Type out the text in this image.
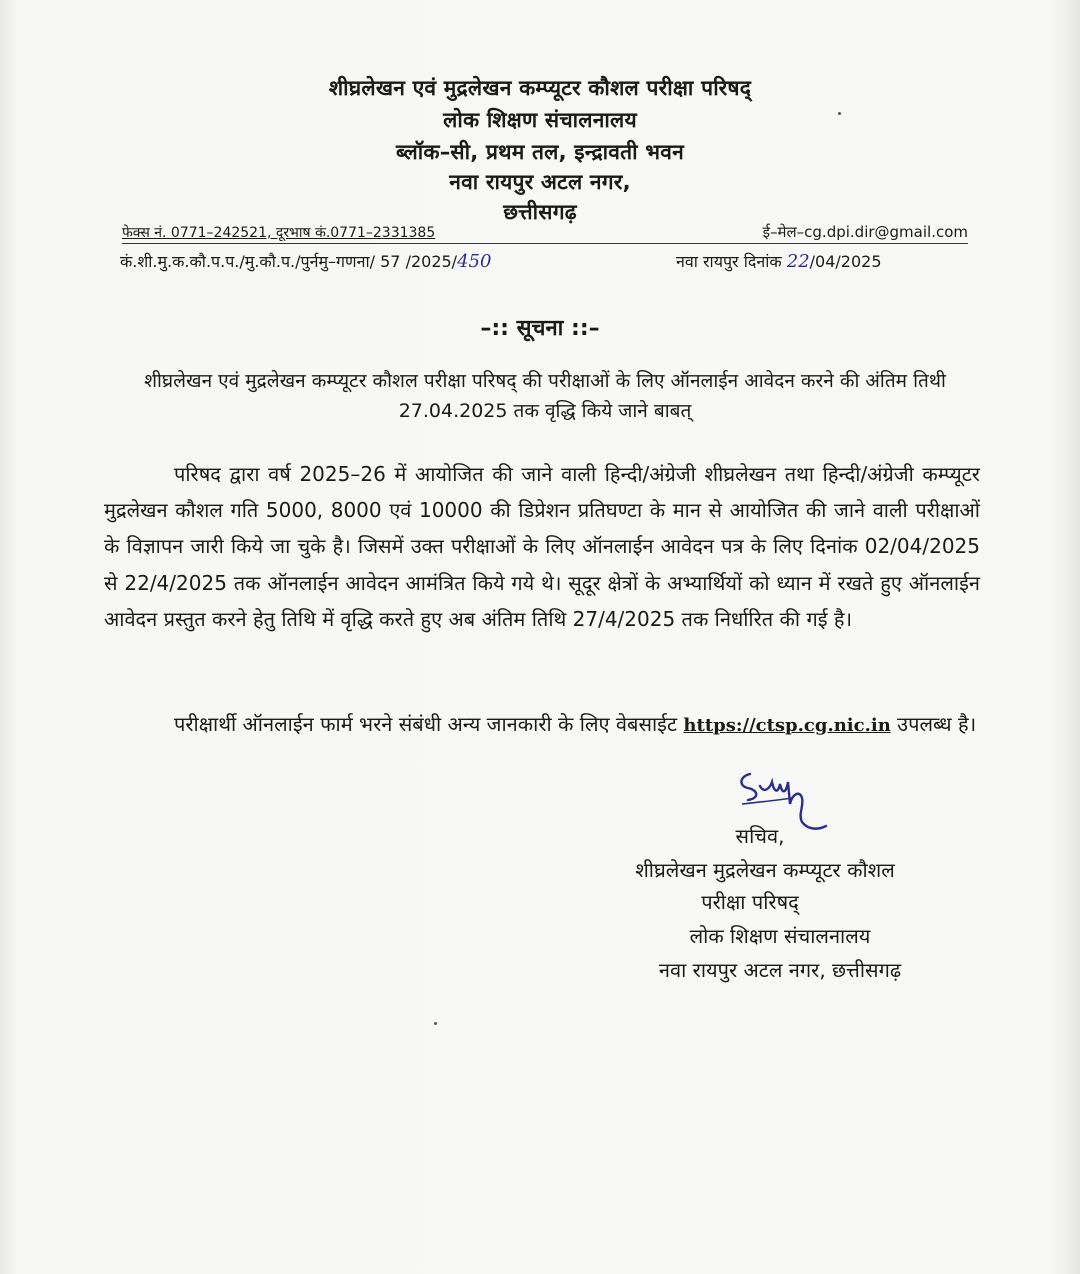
शीघ्रलेखन एवं मुद्रलेखन कम्प्यूटर कौशल परीक्षा परिषद्
लोक शिक्षण संचालनालय
ब्लॉक–सी, प्रथम तल, इन्द्रावती भवन
नवा रायपुर अटल नगर,
छत्तीसगढ़
फेक्स नं. 0771–242521, दूरभाष कं.0771–2331385	ई–मेल–cg.dpi.dir@gmail.com
कं.शी.मु.क.कौ.प.प./मु.कौ.प./पुर्नमु–गणना/ 57 /2025/450	नवा रायपुर दिनांक 22/04/2025
–:: सूचना ::–
शीघ्रलेखन एवं मुद्रलेखन कम्प्यूटर कौशल परीक्षा परिषद् की परीक्षाओं के लिए ऑनलाईन आवेदन करने की अंतिम तिथी 27.04.2025 तक वृद्धि किये जाने बाबत्
परिषद द्वारा वर्ष 2025–26 में आयोजित की जाने वाली हिन्दी/अंग्रेजी शीघ्रलेखन तथा हिन्दी/अंग्रेजी कम्प्यूटर मुद्रलेखन कौशल गति 5000, 8000 एवं 10000 की डिप्रेशन प्रतिघण्टा के मान से आयोजित की जाने वाली परीक्षाओं के विज्ञापन जारी किये जा चुके है। जिसमें उक्त परीक्षाओं के लिए ऑनलाईन आवेदन पत्र के लिए दिनांक 02/04/2025 से 22/4/2025 तक ऑनलाईन आवेदन आमंत्रित किये गये थे। सूदूर क्षेत्रों के अभ्यार्थियों को ध्यान में रखते हुए ऑनलाईन आवेदन प्रस्तुत करने हेतु तिथि में वृद्धि करते हुए अब अंतिम तिथि 27/4/2025 तक निर्धारित की गई है।
परीक्षार्थी ऑनलाईन फार्म भरने संबंधी अन्य जानकारी के लिए वेबसाईट https://ctsp.cg.nic.in उपलब्ध है।
सचिव,
शीघ्रलेखन मुद्रलेखन कम्प्यूटर कौशल
परीक्षा परिषद्
लोक शिक्षण संचालनालय
नवा रायपुर अटल नगर, छत्तीसगढ़
